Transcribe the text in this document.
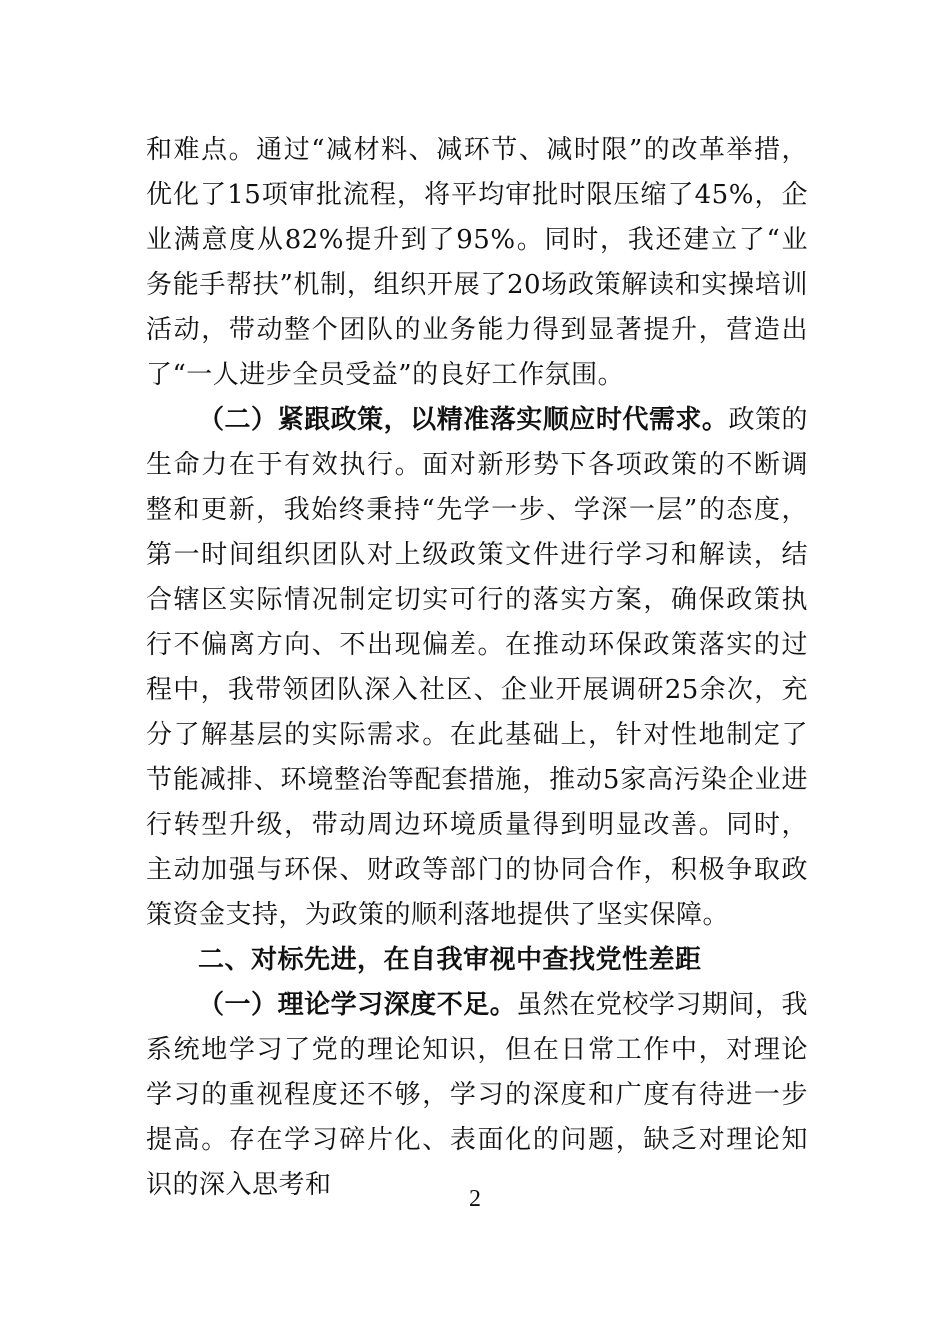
和难点。通过“减材料、减环节、减时限”的改革举措，优化了15项审批流程，将平均审批时限压缩了45%，企业满意度从82%提升到了95%。同时，我还建立了“业务能手帮扶”机制，组织开展了20场政策解读和实操培训活动，带动整个团队的业务能力得到显著提升，营造出了“一人进步全员受益”的良好工作氛围。

（二）紧跟政策，以精准落实顺应时代需求。政策的生命力在于有效执行。面对新形势下各项政策的不断调整和更新，我始终秉持“先学一步、学深一层”的态度，第一时间组织团队对上级政策文件进行学习和解读，结合辖区实际情况制定切实可行的落实方案，确保政策执行不偏离方向、不出现偏差。在推动环保政策落实的过程中，我带领团队深入社区、企业开展调研25余次，充分了解基层的实际需求。在此基础上，针对性地制定了节能减排、环境整治等配套措施，推动5家高污染企业进行转型升级，带动周边环境质量得到明显改善。同时，主动加强与环保、财政等部门的协同合作，积极争取政策资金支持，为政策的顺利落地提供了坚实保障。

二、对标先进，在自我审视中查找党性差距

（一）理论学习深度不足。虽然在党校学习期间，我系统地学习了党的理论知识，但在日常工作中，对理论学习的重视程度还不够，学习的深度和广度有待进一步提高。存在学习碎片化、表面化的问题，缺乏对理论知识的深入思考和	2
